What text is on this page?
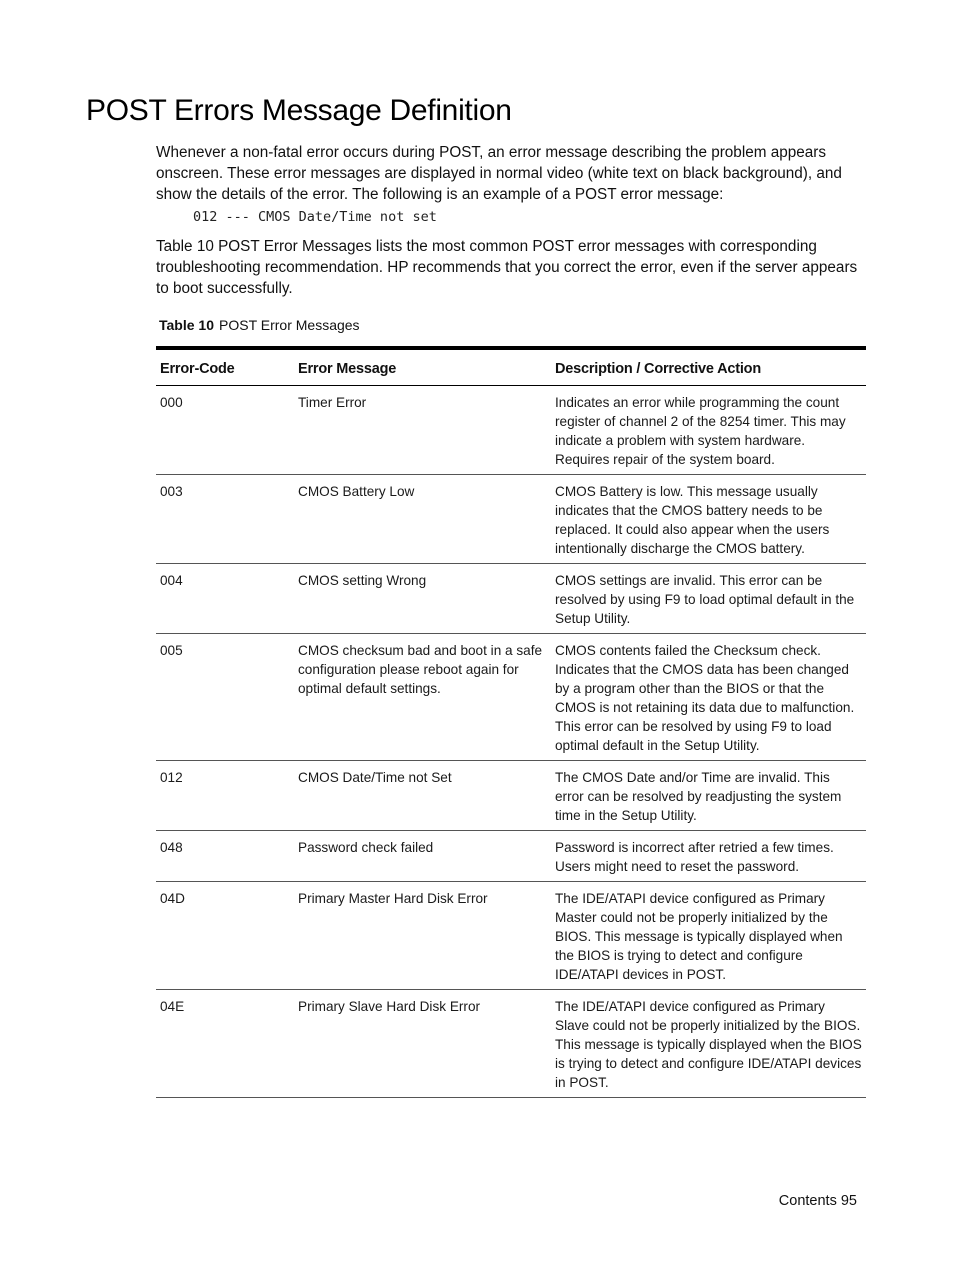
POST Errors Message Definition

Whenever a non-fatal error occurs during POST, an error message describing the problem appears onscreen. These error messages are displayed in normal video (white text on black background), and show the details of the error. The following is an example of a POST error message:

012 --- CMOS Date/Time not set

Table 10 POST Error Messages lists the most common POST error messages with corresponding troubleshooting recommendation. HP recommends that you correct the error, even if the server appears to boot successfully.

Table 10 POST Error Messages
Error-Code	Error Message	Description / Corrective Action
000	Timer Error	Indicates an error while programming the count register of channel 2 of the 8254 timer. This may indicate a problem with system hardware. Requires repair of the system board.
003	CMOS Battery Low	CMOS Battery is low. This message usually indicates that the CMOS battery needs to be replaced. It could also appear when the users intentionally discharge the CMOS battery.
004	CMOS setting Wrong	CMOS settings are invalid. This error can be resolved by using F9 to load optimal default in the Setup Utility.
005	CMOS checksum bad and boot in a safe configuration please reboot again for optimal default settings.	CMOS contents failed the Checksum check. Indicates that the CMOS data has been changed by a program other than the BIOS or that the CMOS is not retaining its data due to malfunction. This error can be resolved by using F9 to load optimal default in the Setup Utility.
012	CMOS Date/Time not Set	The CMOS Date and/or Time are invalid. This error can be resolved by readjusting the system time in the Setup Utility.
048	Password check failed	Password is incorrect after retried a few times. Users might need to reset the password.
04D	Primary Master Hard Disk Error	The IDE/ATAPI device configured as Primary Master could not be properly initialized by the BIOS. This message is typically displayed when the BIOS is trying to detect and configure IDE/ATAPI devices in POST.
04E	Primary Slave Hard Disk Error	The IDE/ATAPI device configured as Primary Slave could not be properly initialized by the BIOS. This message is typically displayed when the BIOS is trying to detect and configure IDE/ATAPI devices in POST.
Contents 95
